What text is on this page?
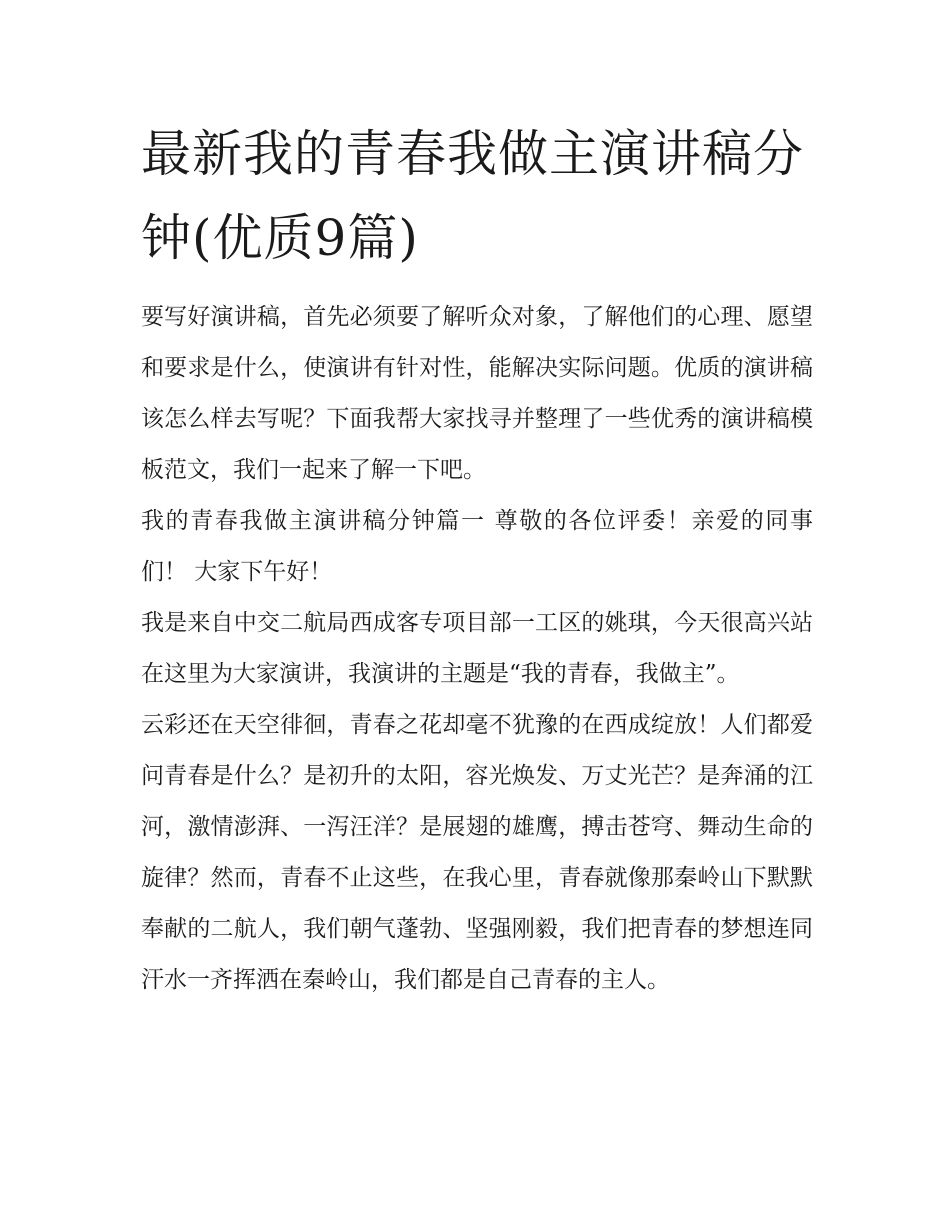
最新我的青春我做主演讲稿分钟(优质9篇)

要写好演讲稿，首先必须要了解听众对象，了解他们的心理、愿望和要求是什么，使演讲有针对性，能解决实际问题。优质的演讲稿该怎么样去写呢？下面我帮大家找寻并整理了一些优秀的演讲稿模板范文，我们一起来了解一下吧。

我的青春我做主演讲稿分钟篇一 尊敬的各位评委！亲爱的同事们！ 大家下午好！

我是来自中交二航局西成客专项目部一工区的姚琪，今天很高兴站在这里为大家演讲，我演讲的主题是“我的青春，我做主”。

云彩还在天空徘徊，青春之花却毫不犹豫的在西成绽放！人们都爱问青春是什么？是初升的太阳，容光焕发、万丈光芒？是奔涌的江河，激情澎湃、一泻汪洋？是展翅的雄鹰，搏击苍穹、舞动生命的旋律？然而，青春不止这些，在我心里，青春就像那秦岭山下默默奉献的二航人，我们朝气蓬勃、坚强刚毅，我们把青春的梦想连同汗水一齐挥洒在秦岭山，我们都是自己青春的主人。
